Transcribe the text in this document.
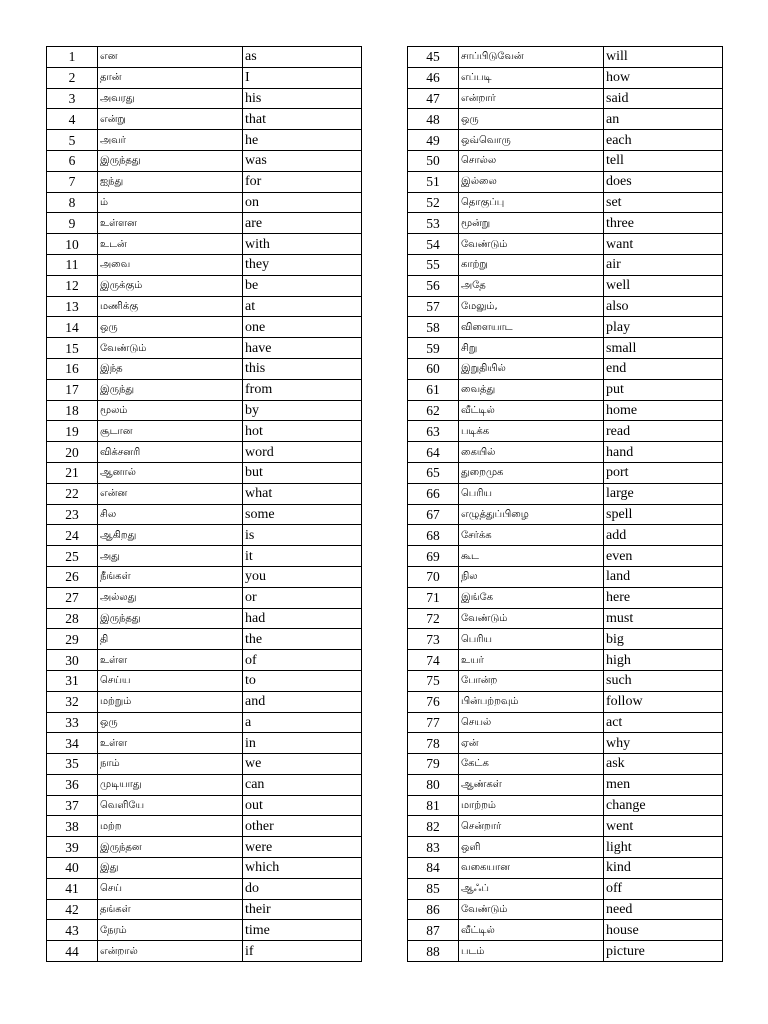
1	என	as
2	தான்	I
3	அவரது	his
4	என்று	that
5	அவர்	he
6	இருந்தது	was
7	ஐந்து	for
8	ம்	on
9	உள்ளன	are
10	உடன்	with
11	அவை	they
12	இருக்கும்	be
13	மணிக்கு	at
14	ஒரு	one
15	வேண்டும்	have
16	இந்த	this
17	இருந்து	from
18	மூலம்	by
19	சூடான	hot
20	விக்சனரி	word
21	ஆனால்	but
22	என்ன	what
23	சில	some
24	ஆகிறது	is
25	அது	it
26	நீங்கள்	you
27	அல்லது	or
28	இருந்தது	had
29	தி	the
30	உள்ள	of
31	செய்ய	to
32	மற்றும்	and
33	ஒரு	a
34	உள்ள	in
35	நாம்	we
36	முடியாது	can
37	வெளியே	out
38	மற்ற	other
39	இருந்தன	were
40	இது	which
41	செய்	do
42	தங்கள்	their
43	நேரம்	time
44	என்றால்	if
45	சாப்பிடுவேன்	will
46	எப்படி	how
47	என்றார்	said
48	ஒரு	an
49	ஒவ்வொரு	each
50	சொல்ல	tell
51	இல்லை	does
52	தொகுப்பு	set
53	மூன்று	three
54	வேண்டும்	want
55	காற்று	air
56	அதே	well
57	மேலும்,	also
58	விளையாட	play
59	சிறு	small
60	இறுதியில்	end
61	வைத்து	put
62	வீட்டில்	home
63	படிக்க	read
64	கையில்	hand
65	துறைமுக	port
66	பெரிய	large
67	எழுத்துப்பிழை	spell
68	சேர்க்க	add
69	கூட	even
70	நில	land
71	இங்கே	here
72	வேண்டும்	must
73	பெரிய	big
74	உயர்	high
75	போன்ற	such
76	பின்பற்றவும்	follow
77	செயல்	act
78	ஏன்	why
79	கேட்க	ask
80	ஆண்கள்	men
81	மாற்றம்	change
82	சென்றார்	went
83	ஒளி	light
84	வகையான	kind
85	ஆஃப்	off
86	வேண்டும்	need
87	வீட்டில்	house
88	படம்	picture
